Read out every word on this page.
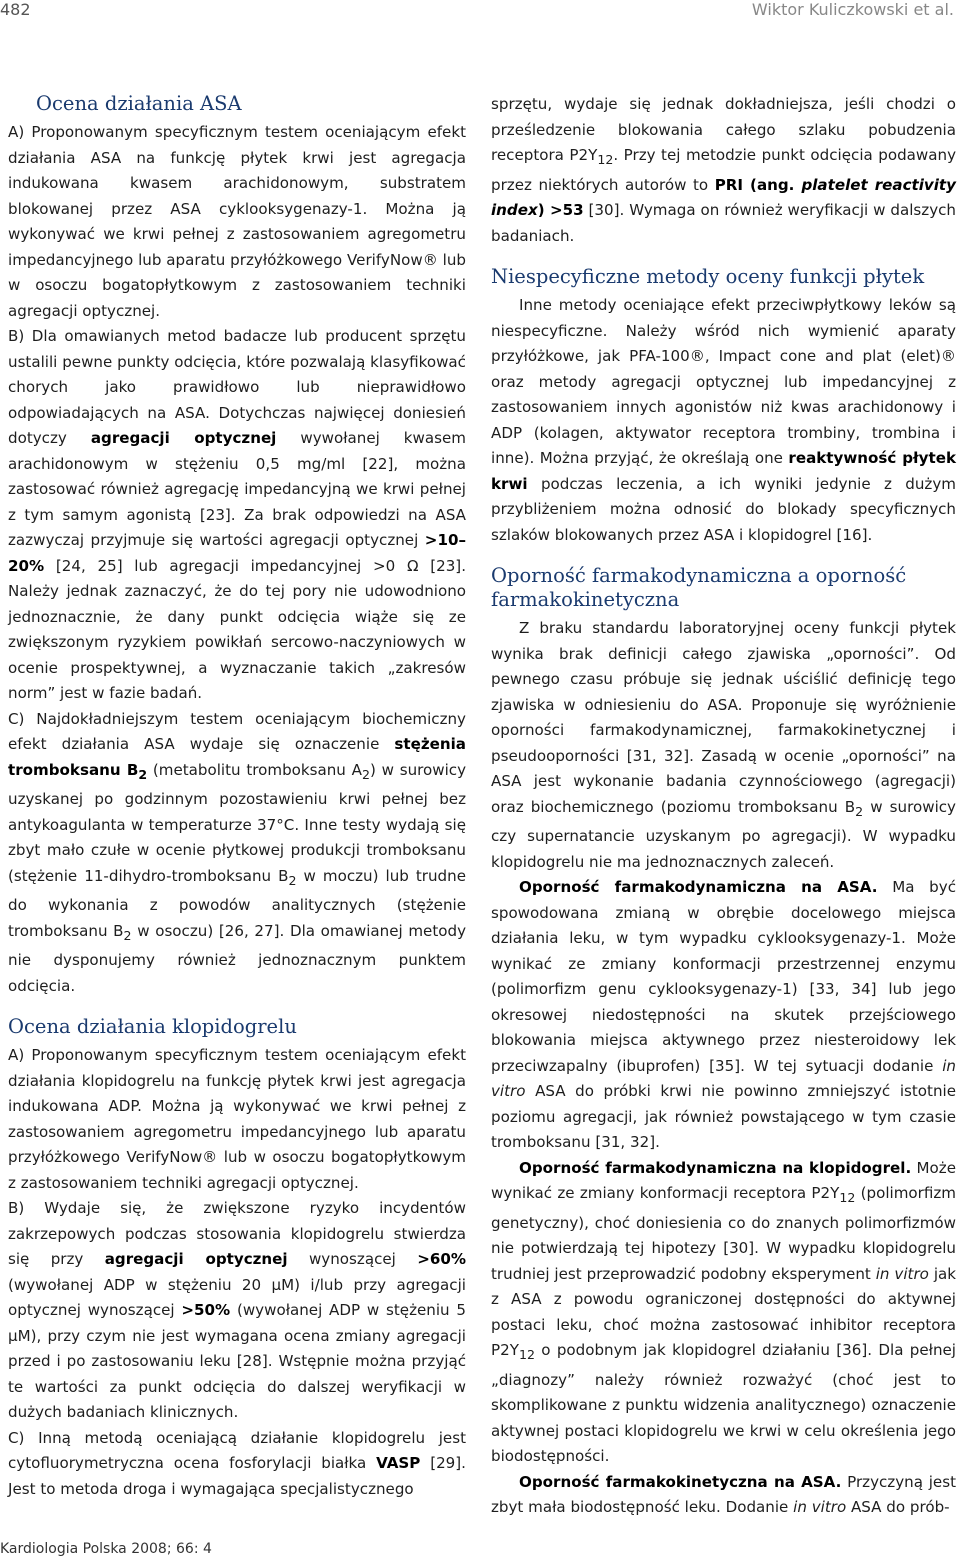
482	Wiktor Kuliczkowski et al.
Ocena działania ASA

A) Proponowanym specyficznym testem oceniającym efekt działania ASA na funkcję płytek krwi jest agregacja indukowana kwasem arachidonowym, substratem blokowanej przez ASA cyklooksygenazy-1. Można ją wykonywać we krwi pełnej z zastosowaniem agregometru impedancyjnego lub aparatu przyłóżkowego VerifyNow® lub w osoczu bogatopłytkowym z zastosowaniem techniki agregacji optycznej.

B) Dla omawianych metod badacze lub producent sprzętu ustalili pewne punkty odcięcia, które pozwalają klasyfikować chorych jako prawidłowo lub nieprawidłowo odpowiadających na ASA. Dotychczas najwięcej doniesień dotyczy agregacji optycznej wywołanej kwasem arachidonowym w stężeniu 0,5 mg/ml [22], można zastosować również agregację impedancyjną we krwi pełnej z tym samym agonistą [23]. Za brak odpowiedzi na ASA zazwyczaj przyjmuje się wartości agregacji optycznej >10–20% [24, 25] lub agregacji impedancyjnej >0 Ω [23]. Należy jednak zaznaczyć, że do tej pory nie udowodniono jednoznacznie, że dany punkt odcięcia wiąże się ze zwiększonym ryzykiem powikłań sercowo-naczyniowych w ocenie prospektywnej, a wyznaczanie takich „zakresów norm” jest w fazie badań.

C) Najdokładniejszym testem oceniającym biochemiczny efekt działania ASA wydaje się oznaczenie stężenia tromboksanu $B_2$ (metabolitu tromboksanu $A_2$) w surowicy uzyskanej po godzinnym pozostawieniu krwi pełnej bez antykoagulanta w temperaturze 37°C. Inne testy wydają się zbyt mało czułe w ocenie płytkowej produkcji tromboksanu (stężenie 11-dihydro-tromboksanu $B_2$ w moczu) lub trudne do wykonania z powodów analitycznych (stężenie tromboksanu $B_2$ w osoczu) [26, 27]. Dla omawianej metody nie dysponujemy również jednoznacznym punktem odcięcia.

Ocena działania klopidogrelu

A) Proponowanym specyficznym testem oceniającym efekt działania klopidogrelu na funkcję płytek krwi jest agregacja indukowana ADP. Można ją wykonywać we krwi pełnej z zastosowaniem agregometru impedancyjnego lub aparatu przyłóżkowego VerifyNow® lub w osoczu bogatopłytkowym z zastosowaniem techniki agregacji optycznej.

B) Wydaje się, że zwiększone ryzyko incydentów zakrzepowych podczas stosowania klopidogrelu stwierdza się przy agregacji optycznej wynoszącej >60% (wywołanej ADP w stężeniu 20 μM) i/lub przy agregacji optycznej wynoszącej >50% (wywołanej ADP w stężeniu 5 μM), przy czym nie jest wymagana ocena zmiany agregacji przed i po zastosowaniu leku [28]. Wstępnie można przyjąć te wartości za punkt odcięcia do dalszej weryfikacji w dużych badaniach klinicznych.

C) Inną metodą oceniającą działanie klopidogrelu jest cytofluorymetryczna ocena fosforylacji białka VASP [29]. Jest to metoda droga i wymagająca specjalistycznego

sprzętu, wydaje się jednak dokładniejsza, jeśli chodzi o prześledzenie blokowania całego szlaku pobudzenia receptora $P2Y_{12}$. Przy tej metodzie punkt odcięcia podawany przez niektórych autorów to PRI (ang. platelet reactivity index) >53 [30]. Wymaga on również weryfikacji w dalszych badaniach.

Niespecyficzne metody oceny funkcji płytek

Inne metody oceniające efekt przeciwpłytkowy leków są niespecyficzne. Należy wśród nich wymienić aparaty przyłóżkowe, jak PFA-100®, Impact cone and plat (elet)® oraz metody agregacji optycznej lub impedancyjnej z zastosowaniem innych agonistów niż kwas arachidonowy i ADP (kolagen, aktywator receptora trombiny, trombina i inne). Można przyjąć, że określają one reaktywność płytek krwi podczas leczenia, a ich wyniki jedynie z dużym przybliżeniem można odnosić do blokady specyficznych szlaków blokowanych przez ASA i klopidogrel [16].

Oporność farmakodynamiczna a oporność farmakokinetyczna

Z braku standardu laboratoryjnej oceny funkcji płytek wynika brak definicji całego zjawiska „oporności”. Od pewnego czasu próbuje się jednak uściślić definicję tego zjawiska w odniesieniu do ASA. Proponuje się wyróżnienie oporności farmakodynamicznej, farmakokinetycznej i pseudooporności [31, 32]. Zasadą w ocenie „oporności” na ASA jest wykonanie badania czynnościowego (agregacji) oraz biochemicznego (poziomu tromboksanu $B_2$ w surowicy czy supernatancie uzyskanym po agregacji). W wypadku klopidogrelu nie ma jednoznacznych zaleceń.

Oporność farmakodynamiczna na ASA. Ma być spowodowana zmianą w obrębie docelowego miejsca działania leku, w tym wypadku cyklooksygenazy-1. Może wynikać ze zmiany konformacji przestrzennej enzymu (polimorfizm genu cyklooksygenazy-1) [33, 34] lub jego okresowej niedostępności na skutek przejściowego blokowania miejsca aktywnego przez niesteroidowy lek przeciwzapalny (ibuprofen) [35]. W tej sytuacji dodanie in vitro ASA do próbki krwi nie powinno zmniejszyć istotnie poziomu agregacji, jak również powstającego w tym czasie tromboksanu [31, 32].

Oporność farmakodynamiczna na klopidogrel. Może wynikać ze zmiany konformacji receptora $P2Y_{12}$ (polimorfizm genetyczny), choć doniesienia co do znanych polimorfizmów nie potwierdzają tej hipotezy [30]. W wypadku klopidogrelu trudniej jest przeprowadzić podobny eksperyment in vitro jak z ASA z powodu ograniczonej dostępności do aktywnej postaci leku, choć można zastosować inhibitor receptora $P2Y_{12}$ o podobnym jak klopidogrel działaniu [36]. Dla pełnej „diagnozy” należy również rozważyć (choć jest to skomplikowane z punktu widzenia analitycznego) oznaczenie aktywnej postaci klopidogrelu we krwi w celu określenia jego biodostępności.

Oporność farmakokinetyczna na ASA. Przyczyną jest zbyt mała biodostępność leku. Dodanie in vitro ASA do prób-

Kardiologia Polska 2008; 66: 4
